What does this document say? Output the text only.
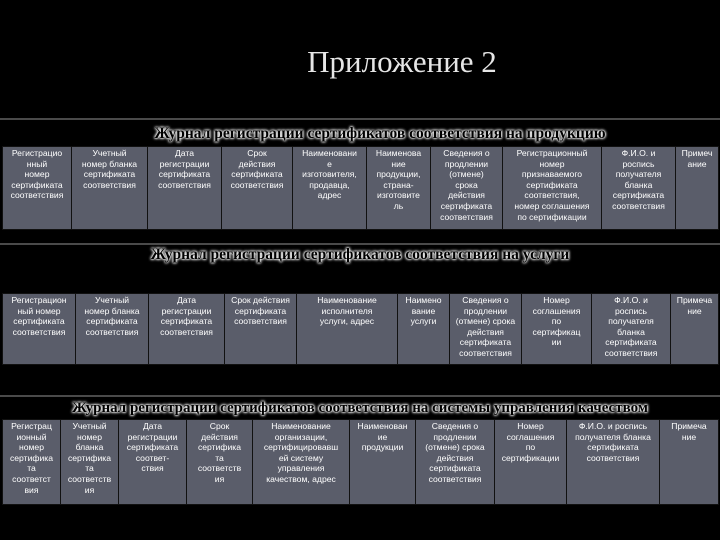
Приложение 2
Журнал регистрации сертификатов соответствия на продукцию
Регистрацио
нный
номер
сертификата
соответствия	Учетный
номер бланка
сертификата
соответствия	Дата
регистрации
сертификата
соответствия	Срок
действия
сертификата
соответствия	Наименовани
е
изготовителя,
продавца,
адрес	Наименова
ние
продукции,
страна-
изготовите
ль	Сведения о
продлении
(отмене)
срока
действия
сертификата
соответствия	Регистрационный
номер
признаваемого
сертификата
соответствия,
номер соглашения
по сертификации	Ф.И.О. и
роспись
получателя
бланка
сертификата
соответствия	Примеч
ание
Журнал регистрации сертификатов соответствия на услуги
Регистрацион
ный номер
сертификата
соответствия	Учетный
номер бланка
сертификата
соответствия	Дата
регистрации
сертификата
соответствия	Срок действия
сертификата
соответствия	Наименование
исполнителя
услуги, адрес	Наимено
вание
услуги	Сведения о
продлении
(отмене) срока
действия
сертификата
соответствия	Номер
соглашения
по
сертификац
ии	Ф.И.О. и
роспись
получателя
бланка
сертификата
соответствия	Примеча
ние
Журнал регистрации сертификатов соответствия на системы управления качеством
Регистрац
ионный
номер
сертифика
та
соответст
вия	Учетный
номер
бланка
сертифика
та
соответств
ия	Дата
регистрации
сертификата
соответ-
ствия	Срок
действия
сертифика
та
соответств
ия	Наименование
организации,
сертифицировавш
ей систему
управления
качеством, адрес	Наименован
ие
продукции	Сведения о
продлении
(отмене) срока
действия
сертификата
соответствия	Номер
соглашения
по
сертификации	Ф.И.О. и роспись
получателя бланка
сертификата
соответствия	Примеча
ние
